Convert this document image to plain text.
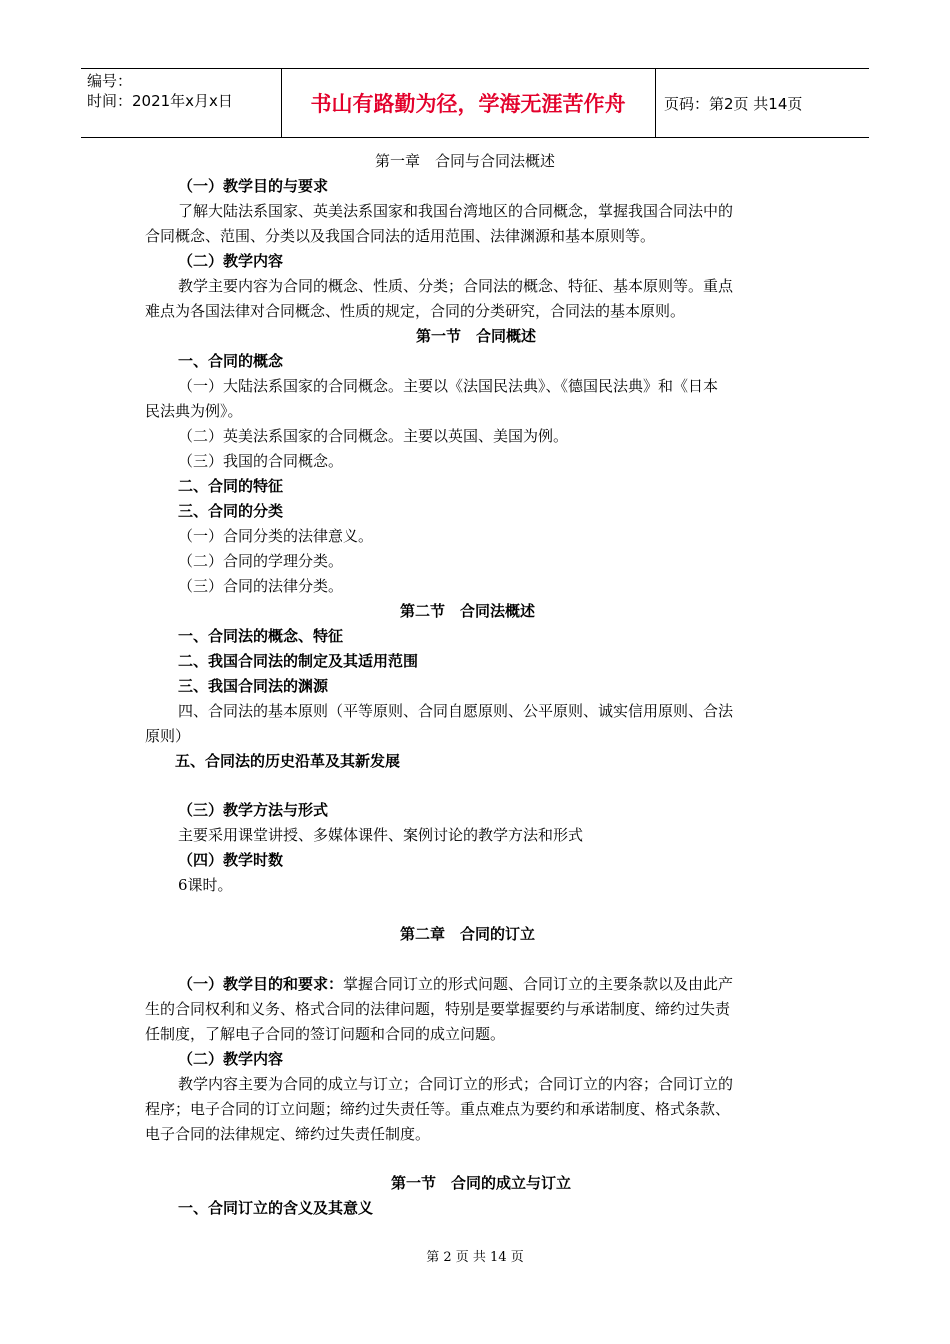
编号：
时间：2021年x月x日	书山有路勤为径，学海无涯苦作舟	页码：第2页 共14页
第一章　合同与合同法概述
（一）教学目的与要求
了解大陆法系国家、英美法系国家和我国台湾地区的合同概念，掌握我国合同法中的
合同概念、范围、分类以及我国合同法的适用范围、法律渊源和基本原则等。
（二）教学内容
教学主要内容为合同的概念、性质、分类；合同法的概念、特征、基本原则等。重点
难点为各国法律对合同概念、性质的规定，合同的分类研究，合同法的基本原则。
第一节　合同概述
一、合同的概念
（一）大陆法系国家的合同概念。主要以《法国民法典》、《德国民法典》和《日本
民法典为例》。
（二）英美法系国家的合同概念。主要以英国、美国为例。
（三）我国的合同概念。
二、合同的特征
三、合同的分类
（一）合同分类的法律意义。
（二）合同的学理分类。
（三）合同的法律分类。
第二节　合同法概述
一、合同法的概念、特征
二、我国合同法的制定及其适用范围
三、我国合同法的渊源
四、合同法的基本原则（平等原则、合同自愿原则、公平原则、诚实信用原则、合法
原则）
五、合同法的历史沿革及其新发展
（三）教学方法与形式
主要采用课堂讲授、多媒体课件、案例讨论的教学方法和形式
（四）教学时数
6课时。
第二章　合同的订立
（一）教学目的和要求：掌握合同订立的形式问题、合同订立的主要条款以及由此产
生的合同权利和义务、格式合同的法律问题，特别是要掌握要约与承诺制度、缔约过失责
任制度，了解电子合同的签订问题和合同的成立问题。
（二）教学内容
教学内容主要为合同的成立与订立；合同订立的形式；合同订立的内容；合同订立的
程序；电子合同的订立问题；缔约过失责任等。重点难点为要约和承诺制度、格式条款、
电子合同的法律规定、缔约过失责任制度。
第一节　合同的成立与订立
一、合同订立的含义及其意义
第 2 页 共 14 页
